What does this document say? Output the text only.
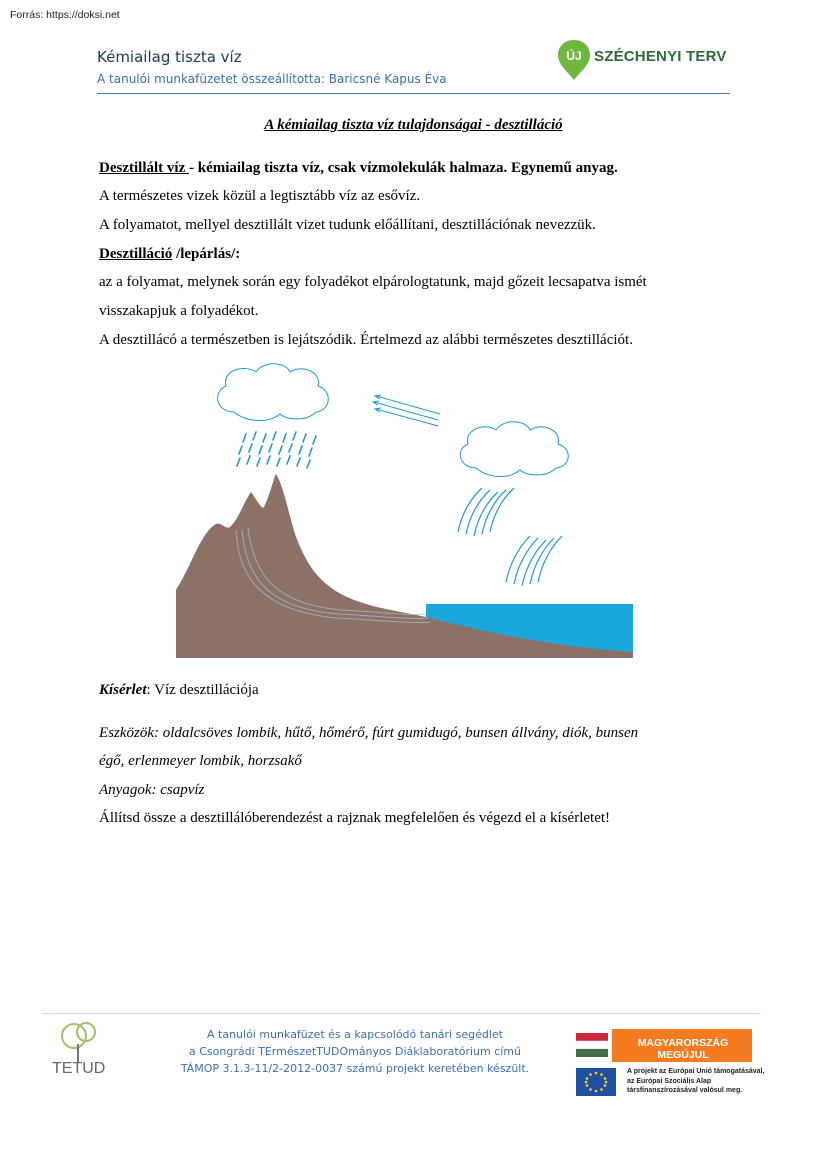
Forrás: https://doksi.net
Kémiailag tiszta víz
A tanulói munkafüzetet összeállította: Baricsné Kapus Éva
ÚJ SZÉCHENYI TERV
A kémiailag tiszta víz tulajdonságai - desztilláció
Desztillált víz - kémiailag tiszta víz, csak vízmolekulák halmaza. Egynemű anyag.
A természetes vizek közül a legtisztább víz az esővíz.
A folyamatot, mellyel desztillált vizet tudunk előállítani, desztillációnak nevezzük.
Desztilláció /lepárlás/:
az a folyamat, melynek során egy folyadékot elpárologtatunk, majd gőzeit lecsapatva ismét
visszakapjuk a folyadékot.
A desztillácó a természetben is lejátszódik. Értelmezd az alábbi természetes desztillációt.
Kísérlet: Víz desztillációja
Eszközök: oldalcsöves lombik, hűtő, hőmérő, fúrt gumidugó, bunsen állvány, diók, bunsen
égő, erlenmeyer lombik, horzsakő
Anyagok: csapvíz
Állítsd össze a desztillálóberendezést a rajznak megfelelően és végezd el a kísérletet!
TETUD
A tanulói munkafüzet és a kapcsolódó tanári segédlet
a Csongrádi TErmészetTUDOmányos Diáklaboratórium című
TÁMOP 3.1.3-11/2-2012-0037 számú projekt keretében készült.
MAGYARORSZÁG MEGÚJUL
A projekt az Európai Unió támogatásával,
az Európai Szociális Alap
társfinanszírozásával valósul meg.
